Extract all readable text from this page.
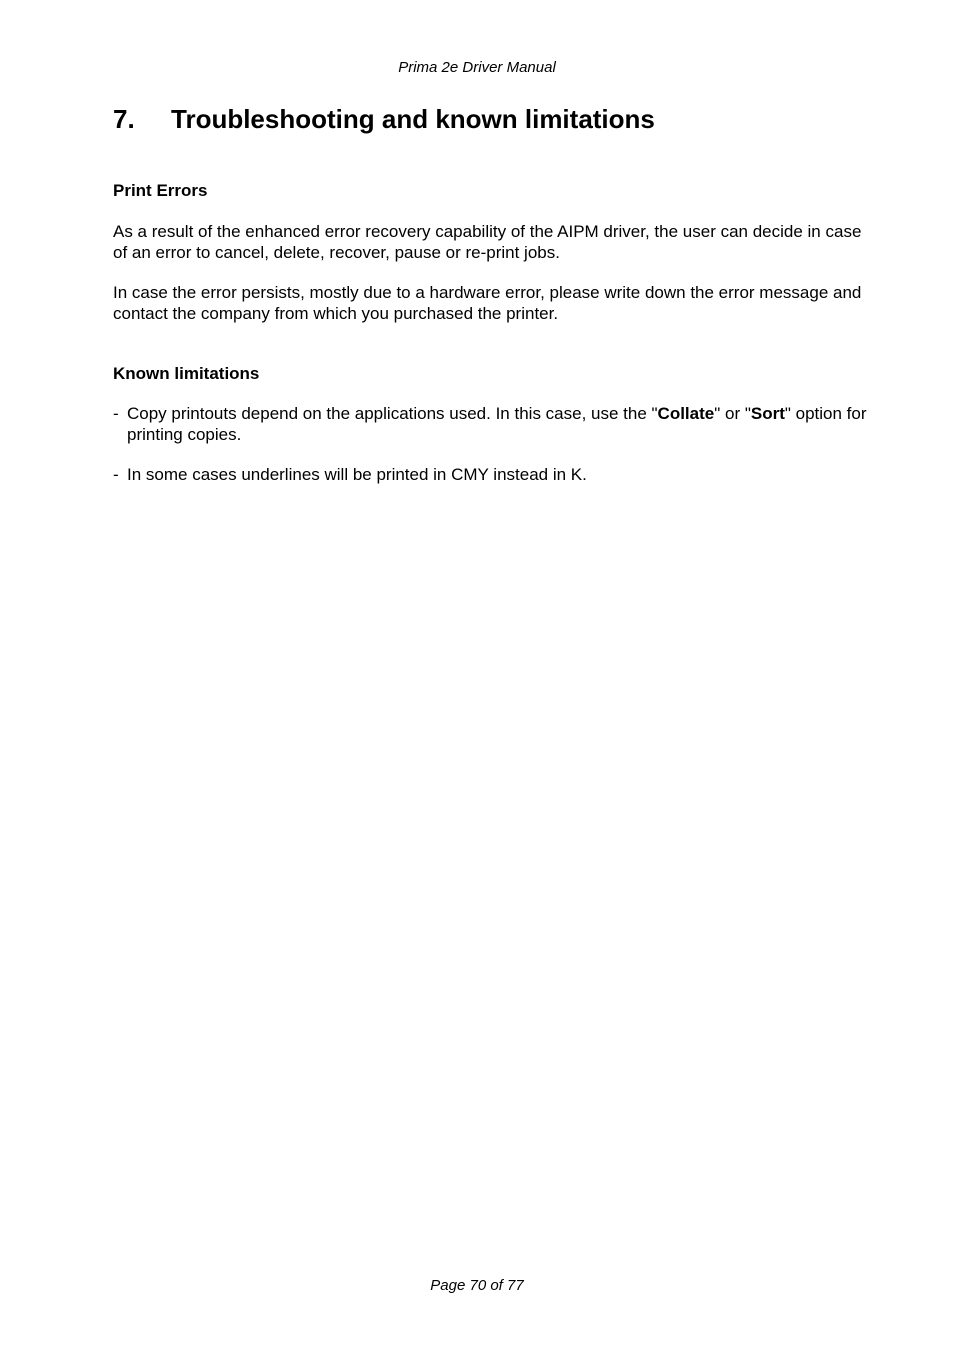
Prima 2e Driver Manual
7. Troubleshooting and known limitations
Print Errors

As a result of the enhanced error recovery capability of the AIPM driver, the user can decide in case of an error to cancel, delete, recover, pause or re-print jobs.

In case the error persists, mostly due to a hardware error, please write down the error message and contact the company from which you purchased the printer.

Known limitations
- Copy printouts depend on the applications used. In this case, use the "Collate" or "Sort" option for printing copies.
- In some cases underlines will be printed in CMY instead in K.
Page 70 of 77
